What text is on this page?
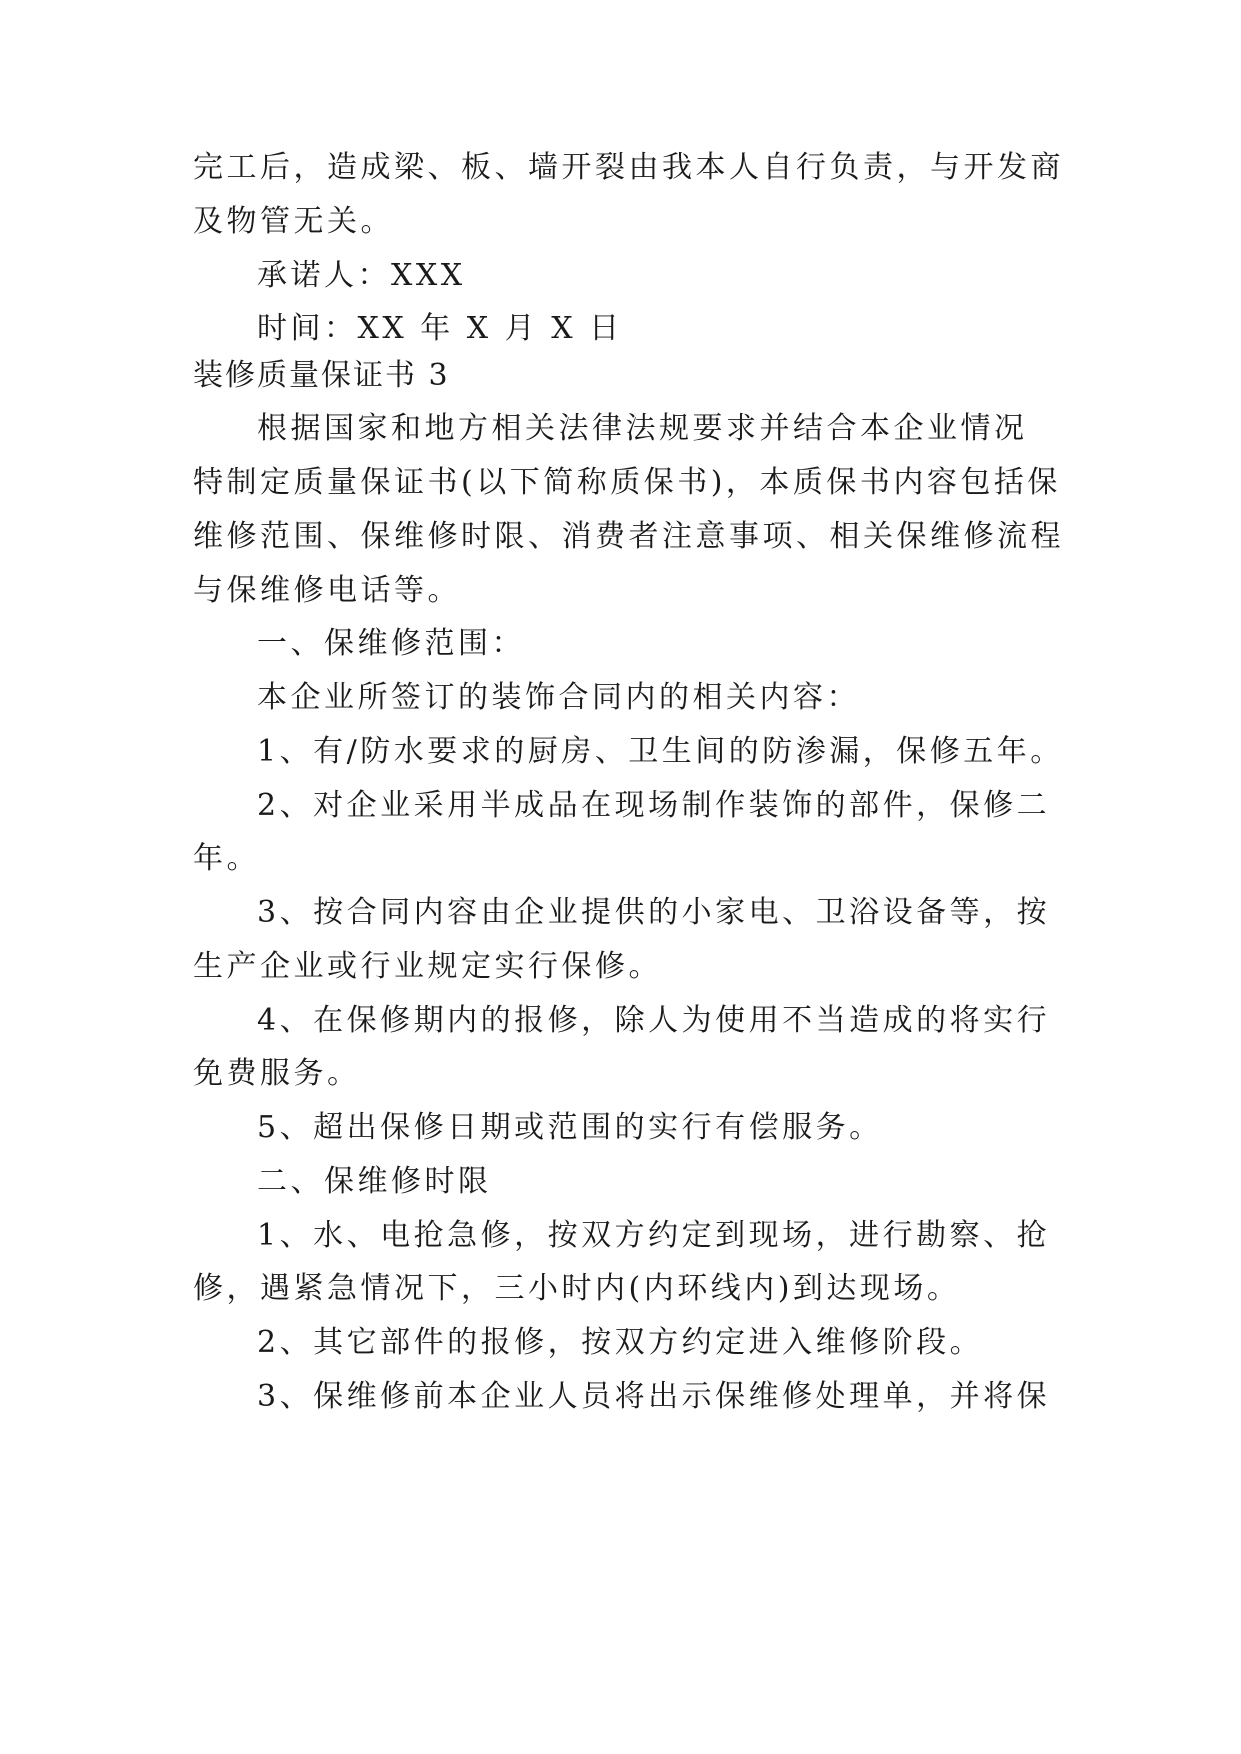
完工后，造成梁、板、墙开裂由我本人自行负责，与开发商
及物管无关。
承诺人：XXX
时间：XX 年 X 月 X 日
装修质量保证书 3
根据国家和地方相关法律法规要求并结合本企业情况
特制定质量保证书(以下简称质保书)，本质保书内容包括保
维修范围、保维修时限、消费者注意事项、相关保维修流程
与保维修电话等。
一、保维修范围：
本企业所签订的装饰合同内的相关内容：
1、有/防水要求的厨房、卫生间的防渗漏，保修五年。
2、对企业采用半成品在现场制作装饰的部件，保修二
年。
3、按合同内容由企业提供的小家电、卫浴设备等，按
生产企业或行业规定实行保修。
4、在保修期内的报修，除人为使用不当造成的将实行
免费服务。
5、超出保修日期或范围的实行有偿服务。
二、保维修时限
1、水、电抢急修，按双方约定到现场，进行勘察、抢
修，遇紧急情况下，三小时内(内环线内)到达现场。
2、其它部件的报修，按双方约定进入维修阶段。
3、保维修前本企业人员将出示保维修处理单，并将保
